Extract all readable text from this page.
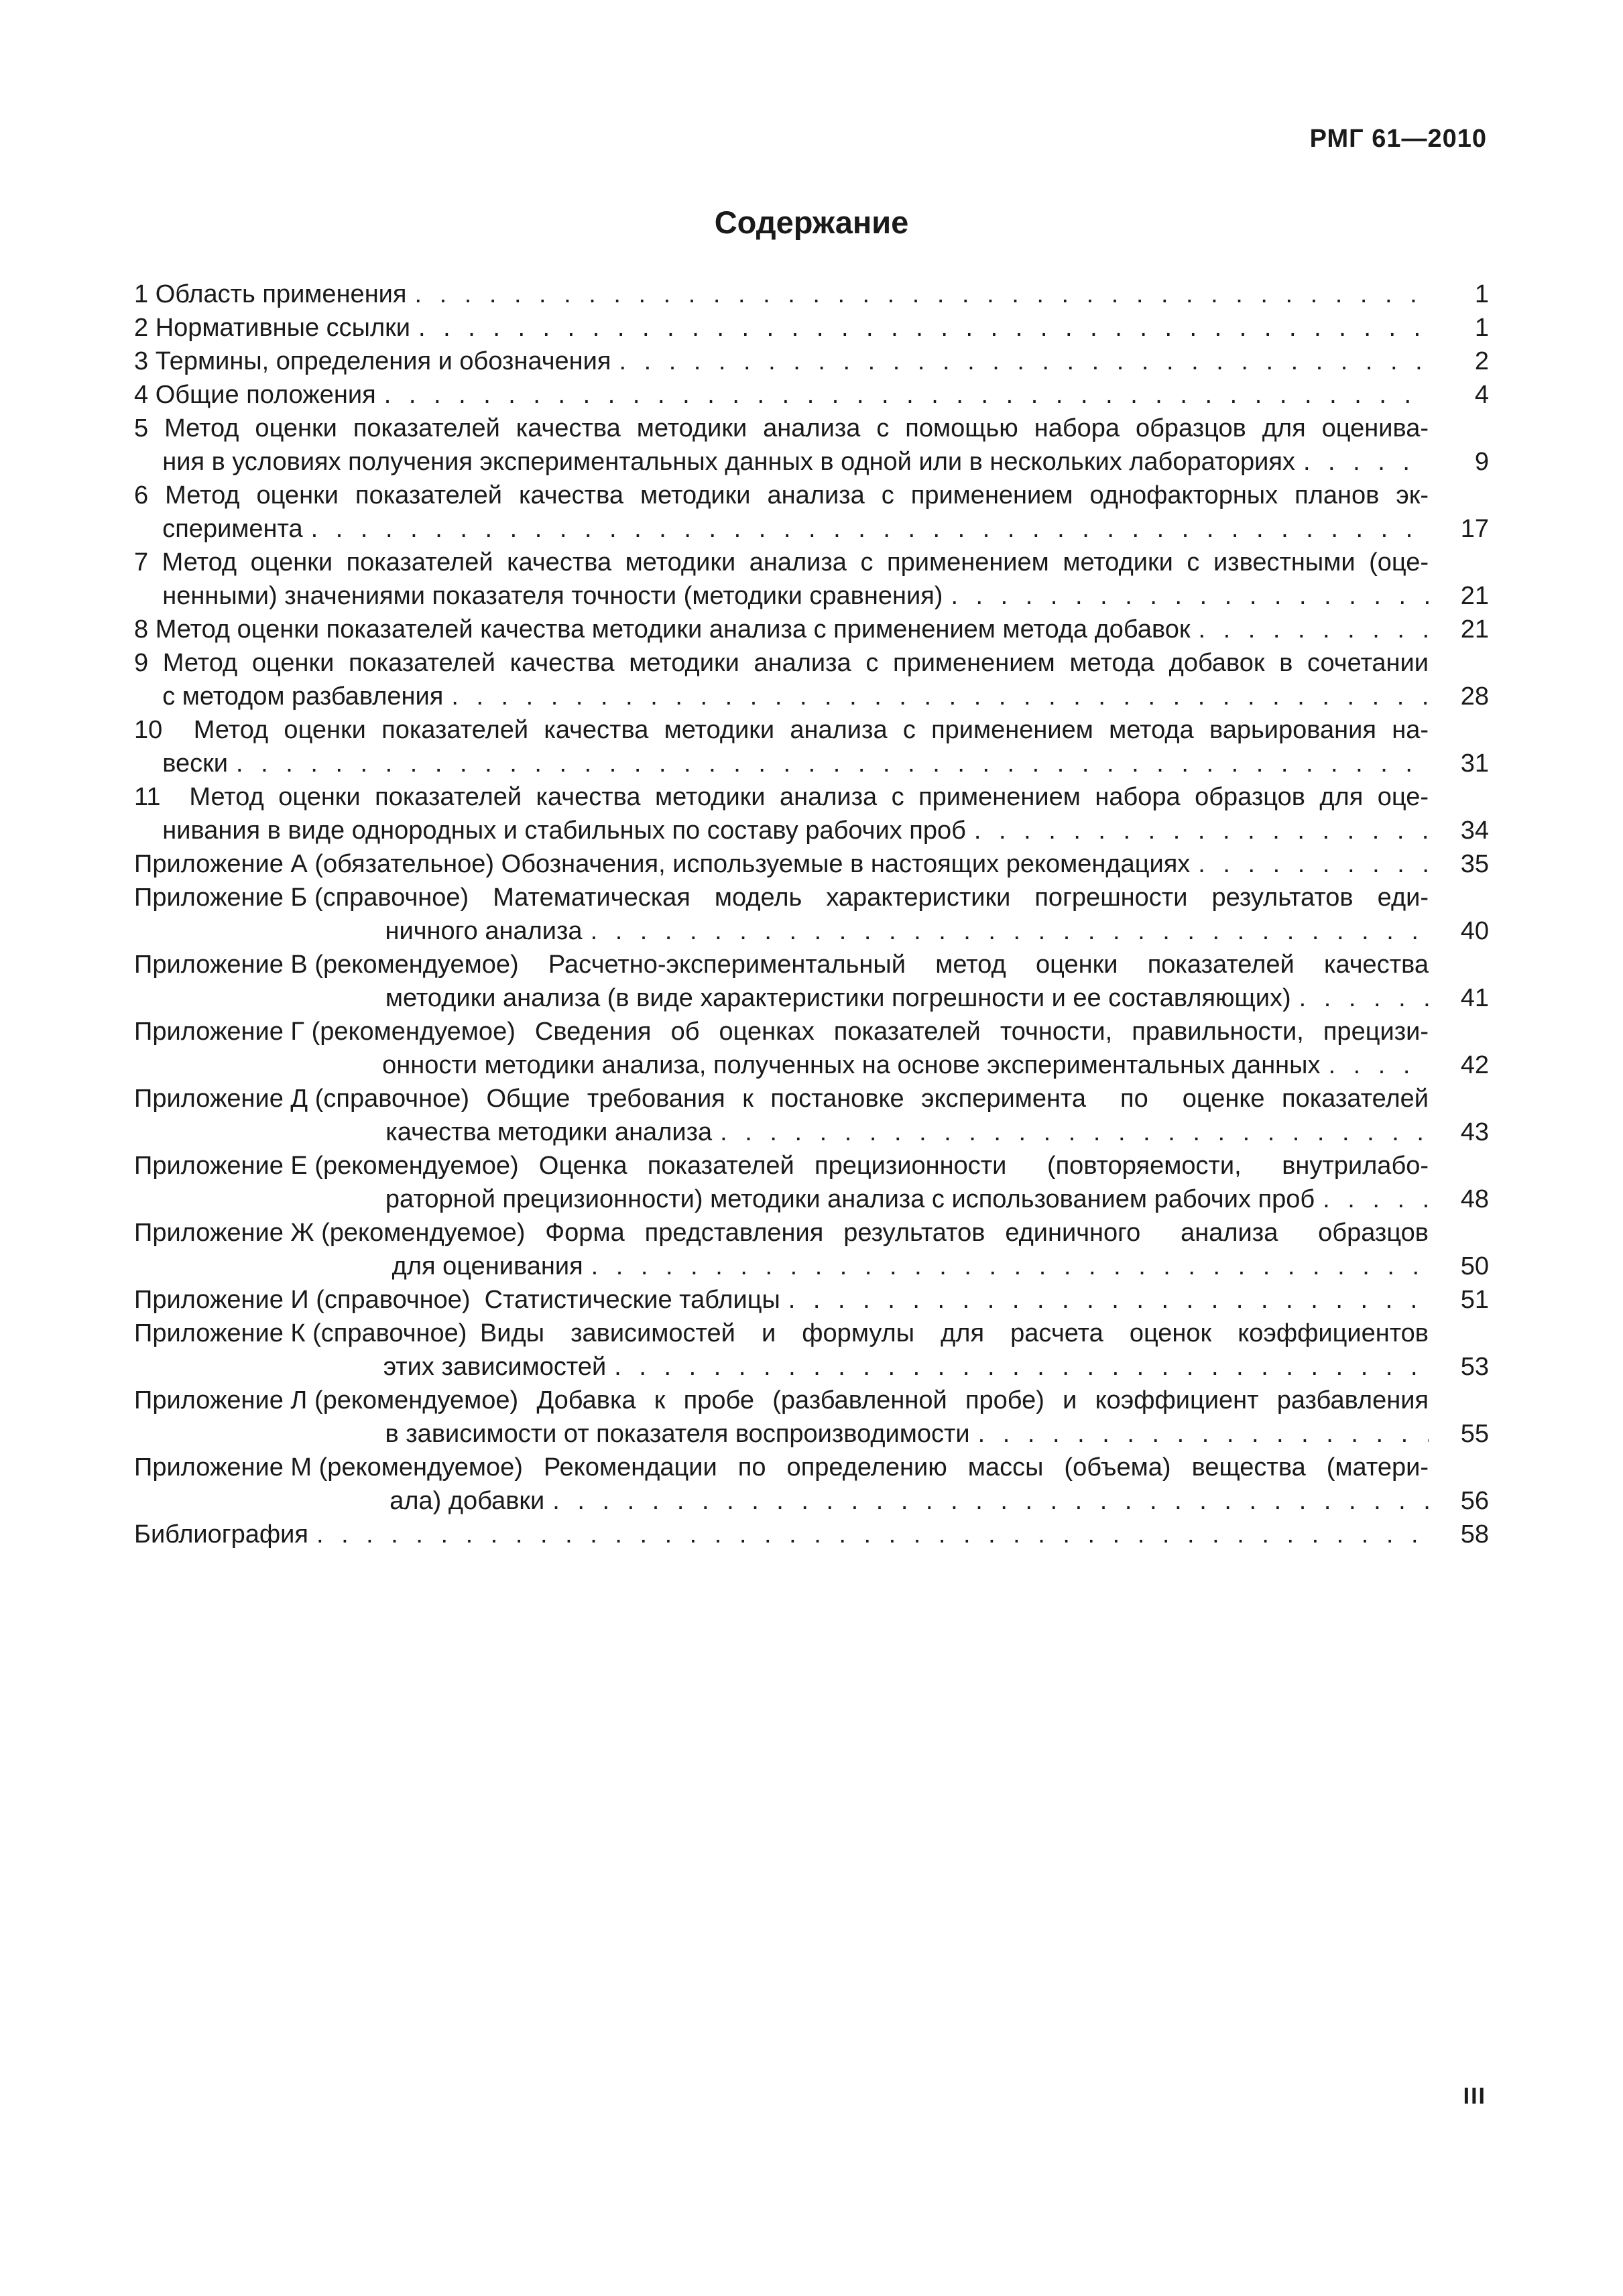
РМГ 61—2010
Содержание
1 Область применения . . .	1
2 Нормативные ссылки . . .	1
3 Термины, определения и обозначения . . .	2
4 Общие положения . . .	4
5 Метод оценки показателей качества методики анализа с помощью набора образцов для оценива-
ния в условиях получения экспериментальных данных в одной или в нескольких лабораториях . . .	9
6 Метод оценки показателей качества методики анализа с применением однофакторных планов эк-
сперимента . . .	17
7 Метод оценки показателей качества методики анализа с применением методики с известными (оце-
ненными) значениями показателя точности (методики сравнения) . . .	21
8 Метод оценки показателей качества методики анализа с применением метода добавок . . .	21
9 Метод оценки показателей качества методики анализа с применением метода добавок в сочетании
с методом разбавления . . .	28
10  Метод оценки показателей качества методики анализа с применением метода варьирования на-
вески . . .	31
11  Метод оценки показателей качества методики анализа с применением набора образцов для оце-
нивания в виде однородных и стабильных по составу рабочих проб . . .	34
Приложение А (обязательное) Обозначения, используемые в настоящих рекомендациях . . .	35
Приложение Б (справочное) Математическая модель характеристики погрешности результатов еди-
ничного анализа . . .	40
Приложение В (рекомендуемое) Расчетно-экспериментальный метод оценки показателей качества
методики анализа (в виде характеристики погрешности и ее составляющих) . . .	41
Приложение Г (рекомендуемое) Сведения об оценках показателей точности, правильности, прецизи-
онности методики анализа, полученных на основе экспериментальных данных . . .	42
Приложение Д (справочное) Общие требования к постановке эксперимента  по  оценке показателей
качества методики анализа . . .	43
Приложение Е (рекомендуемое) Оценка показателей прецизионности  (повторяемости,  внутрилабо-
раторной прецизионности) методики анализа с использованием рабочих проб . . .	48
Приложение Ж (рекомендуемое) Форма представления результатов единичного  анализа  образцов
для оценивания . . .	50
Приложение И (справочное)  Статистические таблицы . . .	51
Приложение К (справочное) Виды  зависимостей  и  формулы  для  расчета  оценок  коэффициентов
этих зависимостей . . .	53
Приложение Л (рекомендуемое) Добавка к пробе (разбавленной пробе) и коэффициент разбавления
в зависимости от показателя воспроизводимости . . .	55
Приложение М (рекомендуемое) Рекомендации по определению массы (объема) вещества (матери-
ала) добавки . . .	56
Библиография . . .	58
III
